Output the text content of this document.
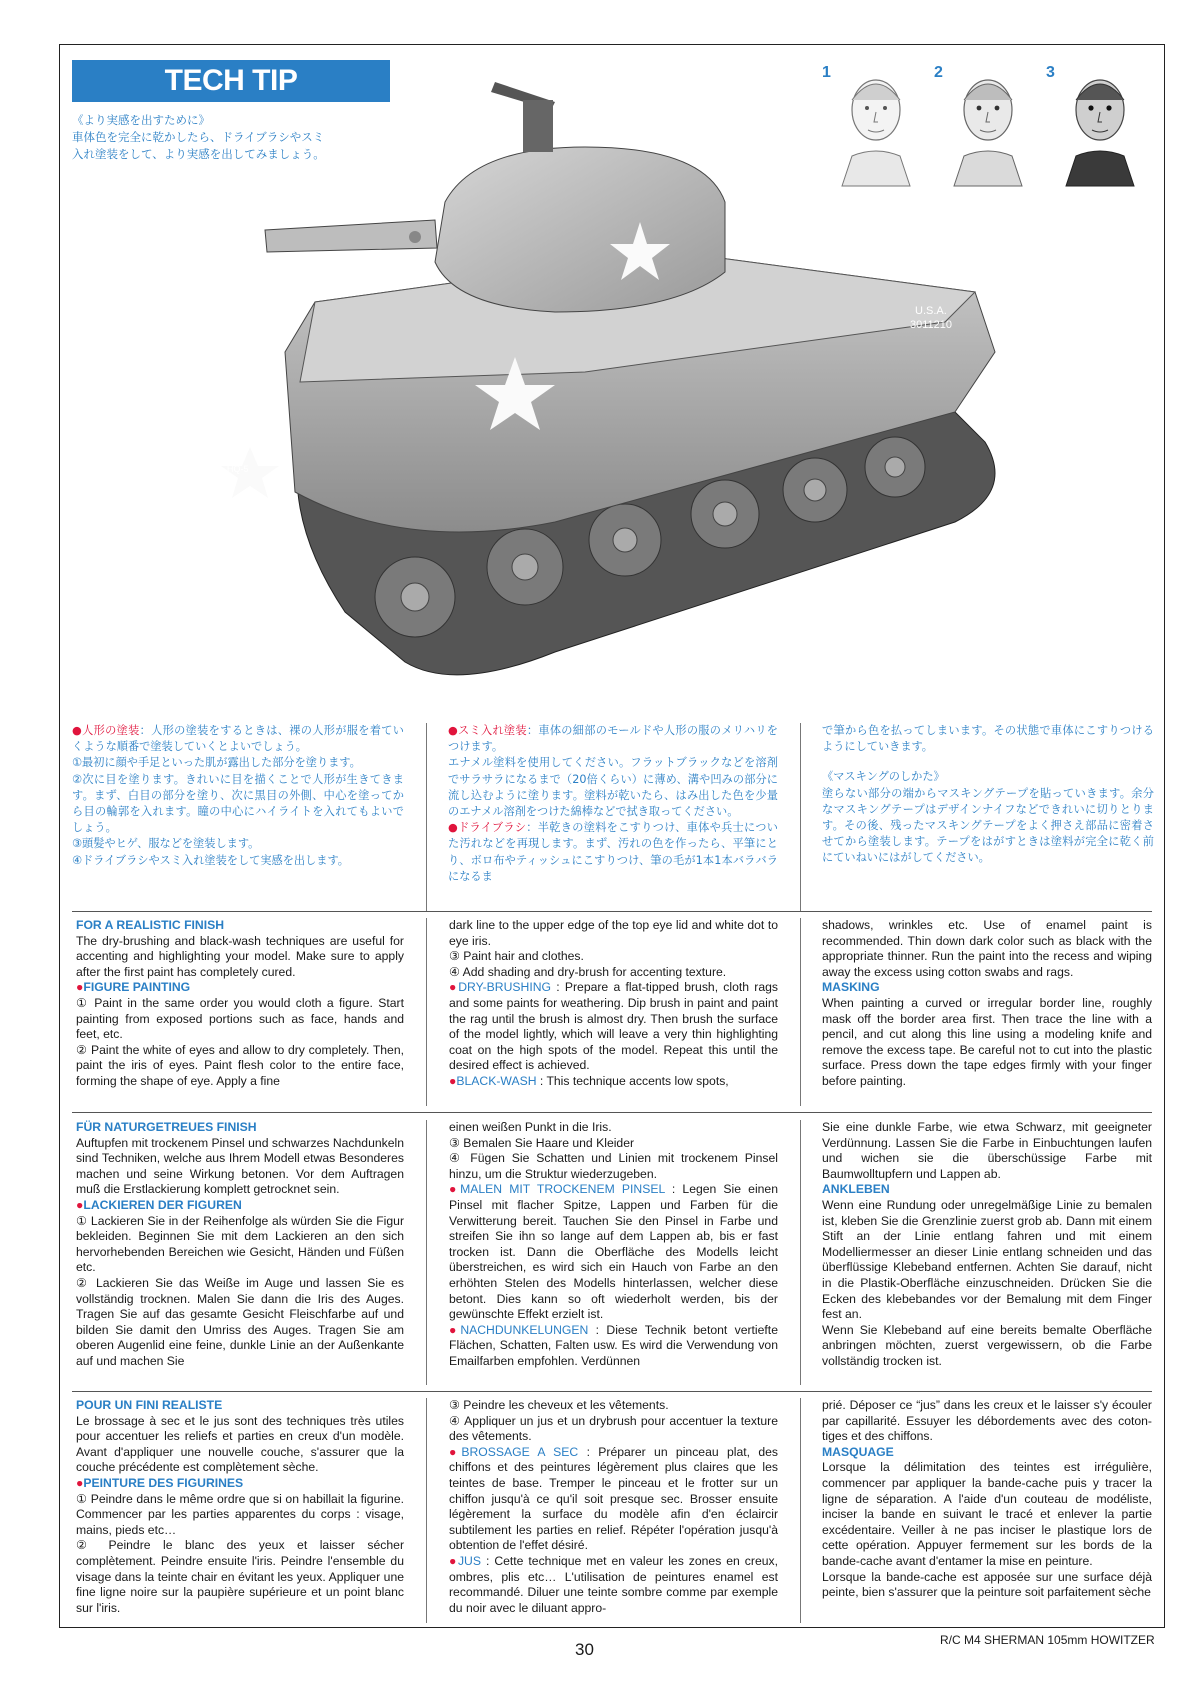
TECH TIP
《より実感を出すために》
車体色を完全に乾かしたら、ドライブラシやスミ
入れ塗装をして、より実感を出してみましょう。
1	2	3
U.S.A.
3011210
11A-22A
HQ-5

●人形の塗装：人形の塗装をするときは、裸の人形が服を着ていくような順番で塗装していくとよいでしょう。

①最初に顔や手足といった肌が露出した部分を塗ります。

②次に目を塗ります。きれいに目を描くことで人形が生きてきます。まず、白目の部分を塗り、次に黒目の外側、中心を塗ってから目の輪郭を入れます。瞳の中心にハイライトを入れてもよいでしょう。

③頭髪やヒゲ、服などを塗装します。

④ドライブラシやスミ入れ塗装をして実感を出します。

●スミ入れ塗装：車体の細部のモールドや人形の服のメリハリをつけます。

エナメル塗料を使用してください。フラットブラックなどを溶剤でサラサラになるまで（20倍くらい）に薄め、溝や凹みの部分に流し込むように塗ります。塗料が乾いたら、はみ出した色を少量のエナメル溶剤をつけた綿棒などで拭き取ってください。

●ドライブラシ：半乾きの塗料をこすりつけ、車体や兵士についた汚れなどを再現します。まず、汚れの色を作ったら、平筆にとり、ボロ布やティッシュにこすりつけ、筆の毛が1本1本バラバラになるま

で筆から色を払ってしまいます。その状態で車体にこすりつけるようにしていきます。

《マスキングのしかた》

塗らない部分の端からマスキングテープを貼っていきます。余分なマスキングテープはデザインナイフなどできれいに切りとります。その後、残ったマスキングテープをよく押さえ部品に密着させてから塗装します。テープをはがすときは塗料が完全に乾く前にていねいにはがしてください。

FOR A REALISTIC FINISH

The dry-brushing and black-wash techniques are useful for accenting and highlighting your model. Make sure to apply after the first paint has completely cured.

●FIGURE PAINTING

① Paint in the same order you would cloth a figure. Start painting from exposed portions such as face, hands and feet, etc.

② Paint the white of eyes and allow to dry completely. Then, paint the iris of eyes. Paint flesh color to the entire face, forming the shape of eye. Apply a fine

dark line to the upper edge of the top eye lid and white dot to eye iris.

③ Paint hair and clothes.

④ Add shading and dry-brush for accenting texture.

●DRY-BRUSHING : Prepare a flat-tipped brush, cloth rags and some paints for weathering. Dip brush in paint and paint the rag until the brush is almost dry. Then brush the surface of the model lightly, which will leave a very thin highlighting coat on the high spots of the model. Repeat this until the desired effect is achieved.

●BLACK-WASH : This technique accents low spots,

shadows, wrinkles etc. Use of enamel paint is recommended. Thin down dark color such as black with the appropriate thinner. Run the paint into the recess and wiping away the excess using cotton swabs and rags.

MASKING

When painting a curved or irregular border line, roughly mask off the border area first. Then trace the line with a pencil, and cut along this line using a modeling knife and remove the excess tape. Be careful not to cut into the plastic surface. Press down the tape edges firmly with your finger before painting.

FÜR NATURGETREUES FINISH

Auftupfen mit trockenem Pinsel und schwarzes Nachdunkeln sind Techniken, welche aus Ihrem Modell etwas Besonderes machen und seine Wirkung betonen. Vor dem Auftragen muß die Erstlackierung komplett getrocknet sein.

●LACKIEREN DER FIGUREN

① Lackieren Sie in der Reihenfolge als würden Sie die Figur bekleiden. Beginnen Sie mit dem Lackieren an den sich hervorhebenden Bereichen wie Gesicht, Händen und Füßen etc.

② Lackieren Sie das Weiße im Auge und lassen Sie es vollständig trocknen. Malen Sie dann die Iris des Auges. Tragen Sie auf das gesamte Gesicht Fleischfarbe auf und bilden Sie damit den Umriss des Auges. Tragen Sie am oberen Augenlid eine feine, dunkle Linie an der Außenkante auf und machen Sie

einen weißen Punkt in die Iris.

③ Bemalen Sie Haare und Kleider

④ Fügen Sie Schatten und Linien mit trockenem Pinsel hinzu, um die Struktur wiederzugeben.

●MALEN MIT TROCKENEM PINSEL : Legen Sie einen Pinsel mit flacher Spitze, Lappen und Farben für die Verwitterung bereit. Tauchen Sie den Pinsel in Farbe und streifen Sie ihn so lange auf dem Lappen ab, bis er fast trocken ist. Dann die Oberfläche des Modells leicht überstreichen, es wird sich ein Hauch von Farbe an den erhöhten Stelen des Modells hinterlassen, welcher diese betont. Dies kann so oft wiederholt werden, bis der gewünschte Effekt erzielt ist.

●NACHDUNKELUNGEN : Diese Technik betont vertiefte Flächen, Schatten, Falten usw. Es wird die Verwendung von Emailfarben empfohlen. Verdünnen

Sie eine dunkle Farbe, wie etwa Schwarz, mit geeigneter Verdünnung. Lassen Sie die Farbe in Einbuchtungen laufen und wichen sie die überschüssige Farbe mit Baumwolltupfern und Lappen ab.

ANKLEBEN

Wenn eine Rundung oder unregelmäßige Linie zu bemalen ist, kleben Sie die Grenzlinie zuerst grob ab. Dann mit einem Stift an der Linie entlang fahren und mit einem Modelliermesser an dieser Linie entlang schneiden und das überflüssige Klebeband entfernen. Achten Sie darauf, nicht in die Plastik-Oberfläche einzuschneiden. Drücken Sie die Ecken des klebebandes vor der Bemalung mit dem Finger fest an.

Wenn Sie Klebeband auf eine bereits bemalte Oberfläche anbringen möchten, zuerst vergewissern, ob die Farbe vollständig trocken ist.

POUR UN FINI REALISTE

Le brossage à sec et le jus sont des techniques très utiles pour accentuer les reliefs et parties en creux d'un modèle. Avant d'appliquer une nouvelle couche, s'assurer que la couche précédente est complètement sèche.

●PEINTURE DES FIGURINES

① Peindre dans le même ordre que si on habillait la figurine. Commencer par les parties apparentes du corps : visage, mains, pieds etc…

② Peindre le blanc des yeux et laisser sécher complètement. Peindre ensuite l'iris. Peindre l'ensemble du visage dans la teinte chair en évitant les yeux. Appliquer une fine ligne noire sur la paupière supérieure et un point blanc sur l'iris.

③ Peindre les cheveux et les vêtements.

④ Appliquer un jus et un drybrush pour accentuer la texture des vêtements.

●BROSSAGE A SEC : Préparer un pinceau plat, des chiffons et des peintures légèrement plus claires que les teintes de base. Tremper le pinceau et le frotter sur un chiffon jusqu'à ce qu'il soit presque sec. Brosser ensuite légèrement la surface du modèle afin d'en éclaircir subtilement les parties en relief. Répéter l'opération jusqu'à obtention de l'effet désiré.

●JUS : Cette technique met en valeur les zones en creux, ombres, plis etc… L'utilisation de peintures enamel est recommandé. Diluer une teinte sombre comme par exemple du noir avec le diluant appro-

prié. Déposer ce “jus” dans les creux et le laisser s'y écouler par capillarité. Essuyer les débordements avec des coton-tiges et des chiffons.

MASQUAGE

Lorsque la délimitation des teintes est irrégulière, commencer par appliquer la bande-cache puis y tracer la ligne de séparation. A l'aide d'un couteau de modéliste, inciser la bande en suivant le tracé et enlever la partie excédentaire. Veiller à ne pas inciser le plastique lors de cette opération. Appuyer fermement sur les bords de la bande-cache avant d'entamer la mise en peinture.

Lorsque la bande-cache est apposée sur une surface déjà peinte, bien s'assurer que la peinture soit parfaitement sèche

30	R/C M4 SHERMAN 105mm HOWITZER
